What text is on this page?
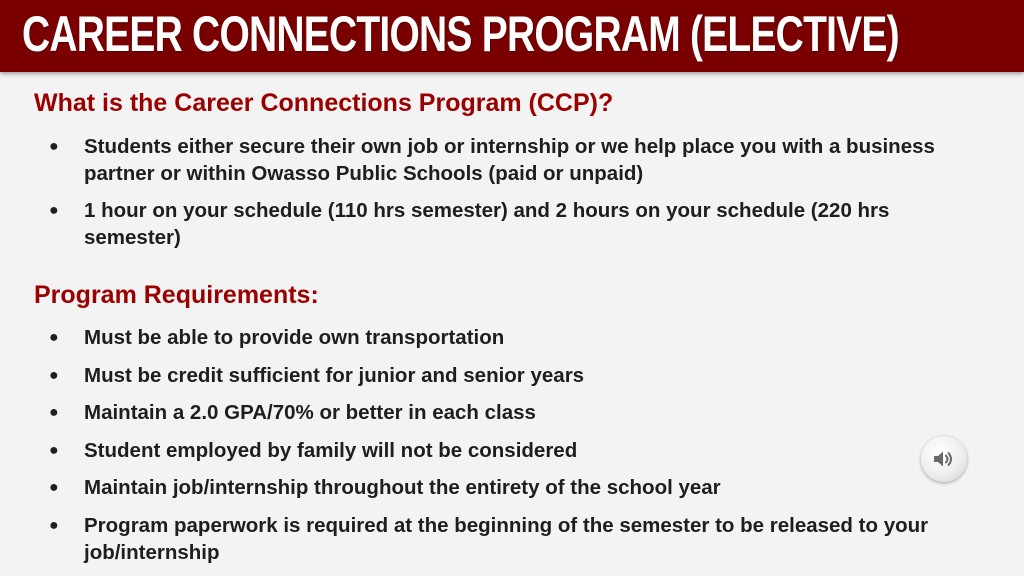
CAREER CONNECTIONS PROGRAM (ELECTIVE)
What is the Career Connections Program (CCP)?
● Students either secure their own job or internship or we help place you with a business partner or within Owasso Public Schools (paid or unpaid)
● 1 hour on your schedule (110 hrs semester) and 2 hours on your schedule (220 hrs semester)
Program Requirements:
● Must be able to provide own transportation
● Must be credit sufficient for junior and senior years
● Maintain a 2.0 GPA/70% or better in each class
● Student employed by family will not be considered
● Maintain job/internship throughout the entirety of the school year
● Program paperwork is required at the beginning of the semester to be released to your job/internship
